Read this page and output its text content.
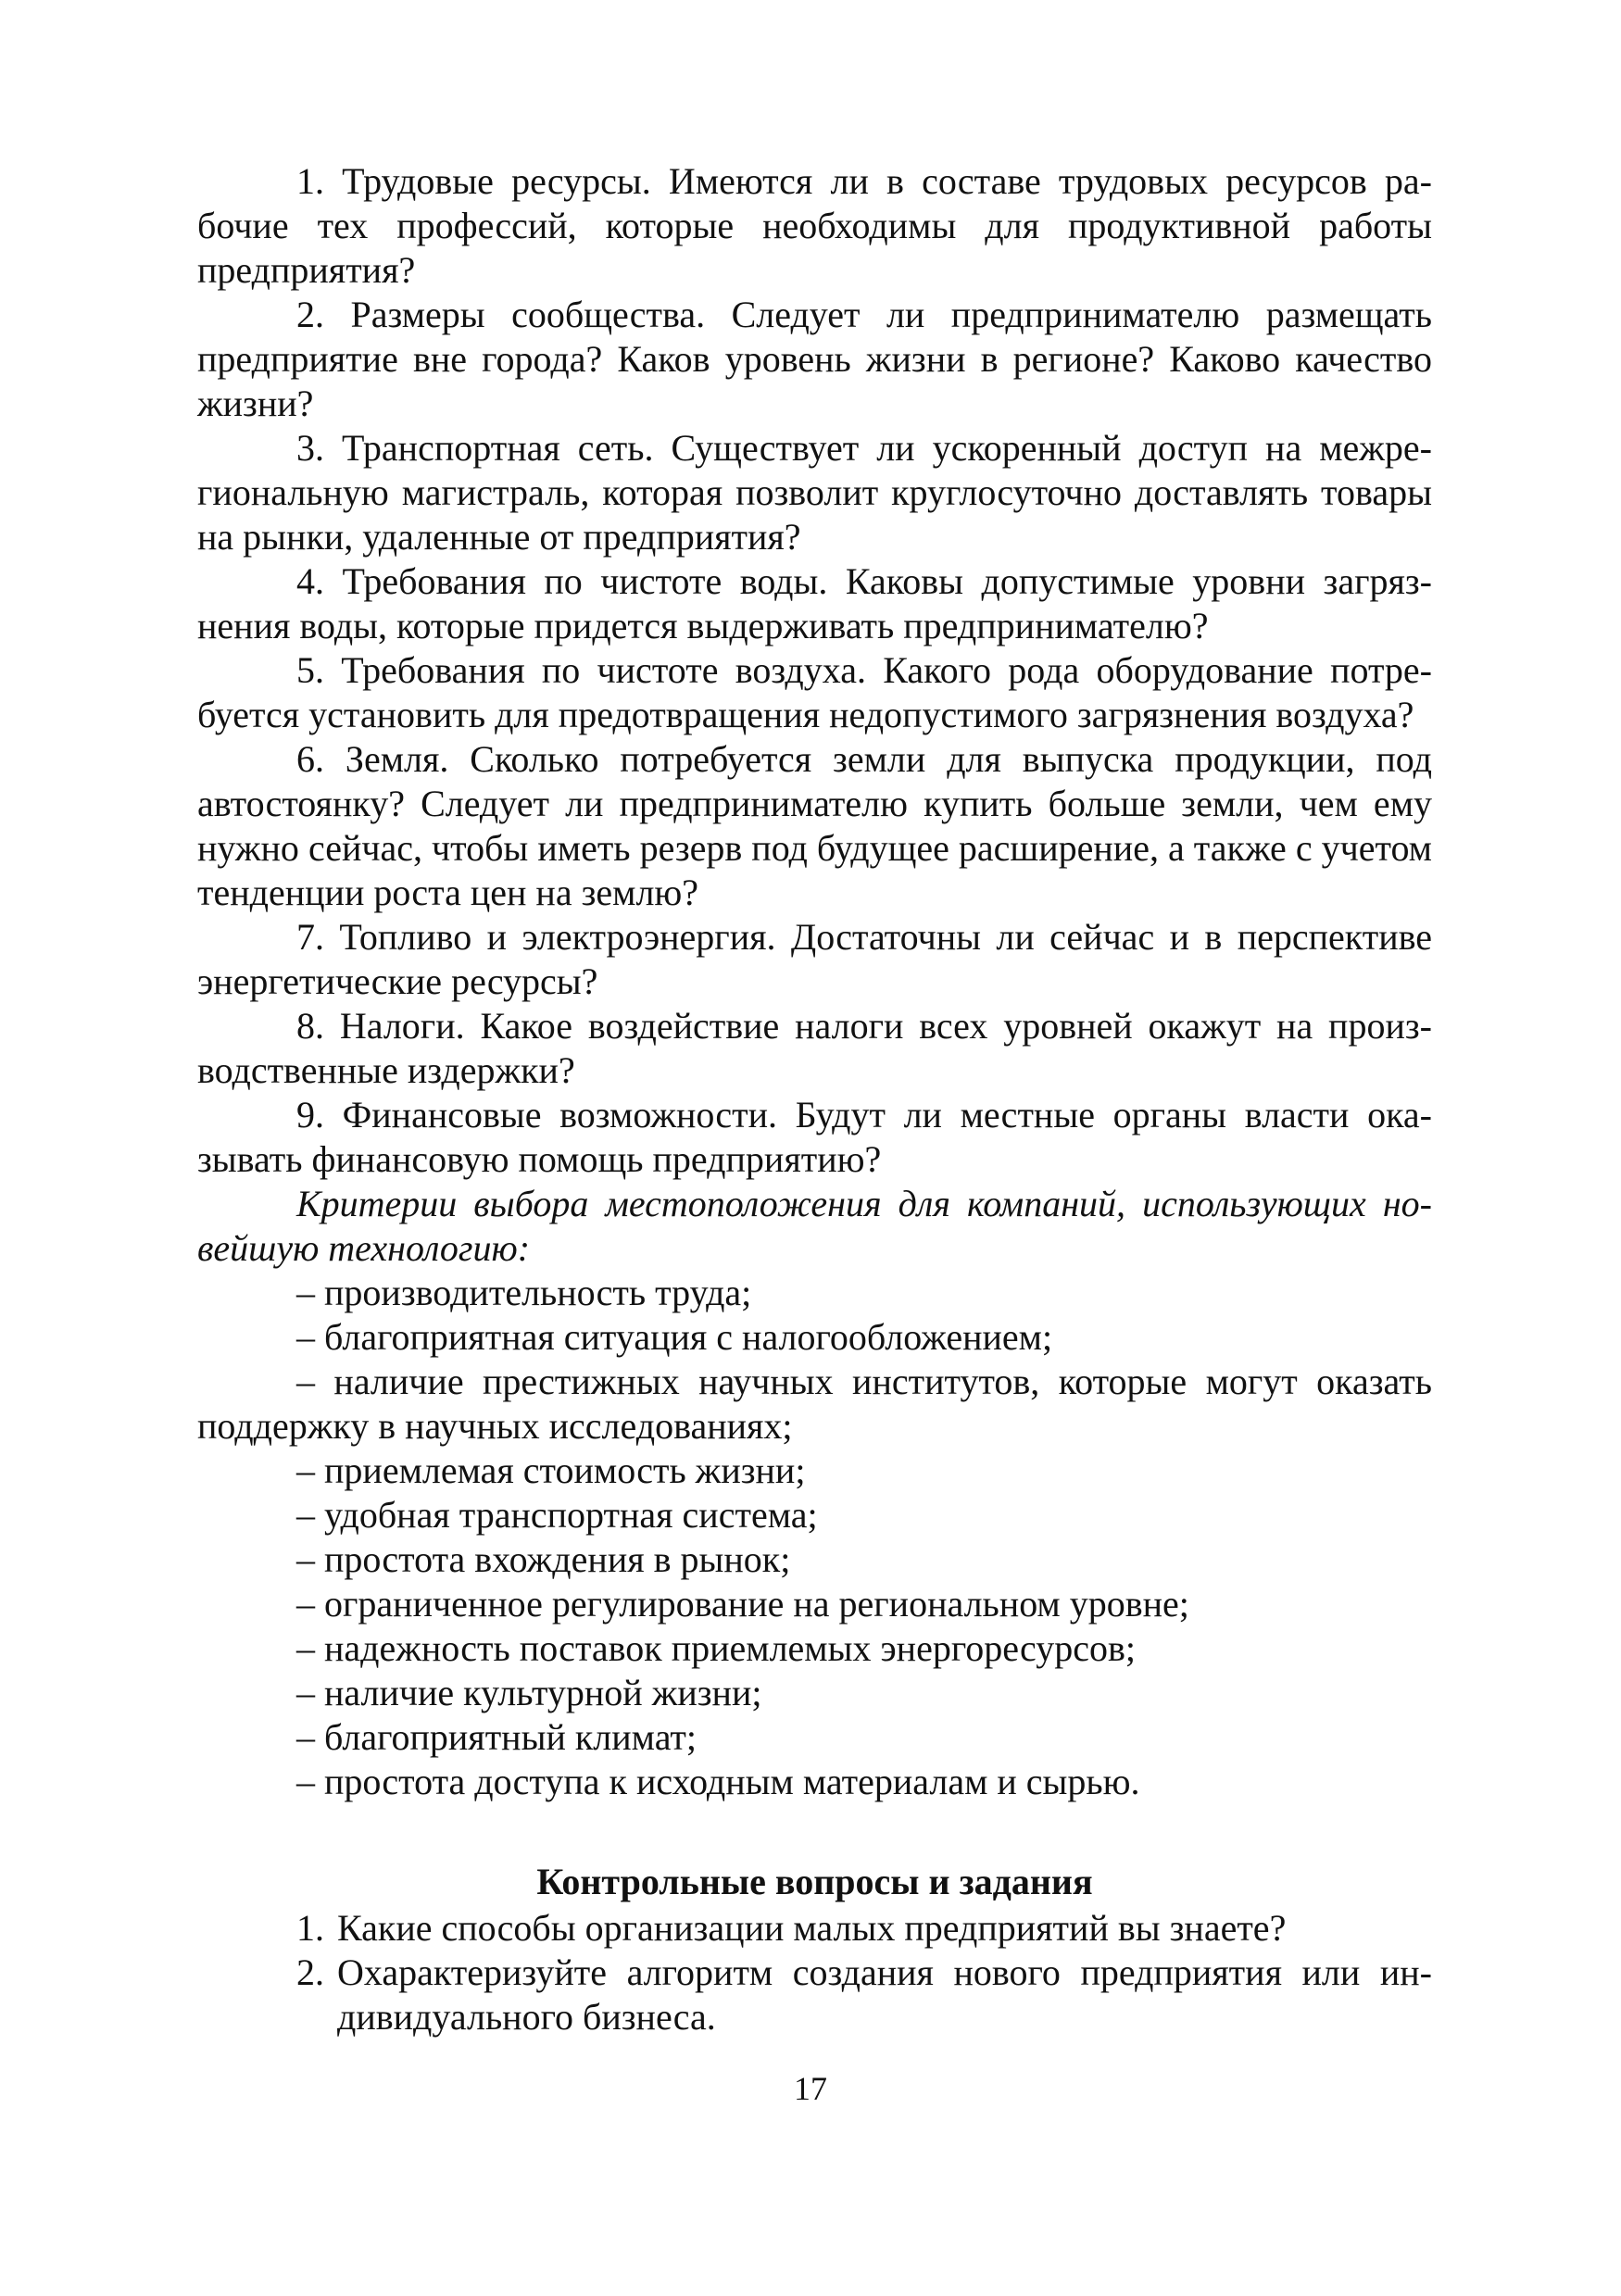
1. Трудовые ресурсы. Имеются ли в составе трудовых ресурсов рабочие тех профессий, которые необходимы для продуктивной работы предприятия?

2. Размеры сообщества. Следует ли предпринимателю размещать предприятие вне города? Каков уровень жизни в регионе? Каково качество жизни?

3. Транспортная сеть. Существует ли ускоренный доступ на межрегиональную магистраль, которая позволит круглосуточно доставлять товары на рынки, удаленные от предприятия?

4. Требования по чистоте воды. Каковы допустимые уровни загрязнения воды, которые придется выдерживать предпринимателю?

5. Требования по чистоте воздуха. Какого рода оборудование потребуется установить для предотвращения недопустимого загрязнения воздуха?

6. Земля. Сколько потребуется земли для выпуска продукции, под автостоянку? Следует ли предпринимателю купить больше земли, чем ему нужно сейчас, чтобы иметь резерв под будущее расширение, а также с учетом тенденции роста цен на землю?

7. Топливо и электроэнергия. Достаточны ли сейчас и в перспективе энергетические ресурсы?

8. Налоги. Какое воздействие налоги всех уровней окажут на производственные издержки?

9. Финансовые возможности. Будут ли местные органы власти оказывать финансовую помощь предприятию?

Критерии выбора местоположения для компаний, использующих новейшую технологию:

– производительность труда;

– благоприятная ситуация с налогообложением;

– наличие престижных научных институтов, которые могут оказать поддержку в научных исследованиях;

– приемлемая стоимость жизни;

– удобная транспортная система;

– простота вхождения в рынок;

– ограниченное регулирование на региональном уровне;

– надежность поставок приемлемых энергоресурсов;

– наличие культурной жизни;

– благоприятный климат;

– простота доступа к исходным материалам и сырью.

Контрольные вопросы и задания
1. Какие способы организации малых предприятий вы знаете?
2. Охарактеризуйте алгоритм создания нового предприятия или индивидуального бизнеса.
17
